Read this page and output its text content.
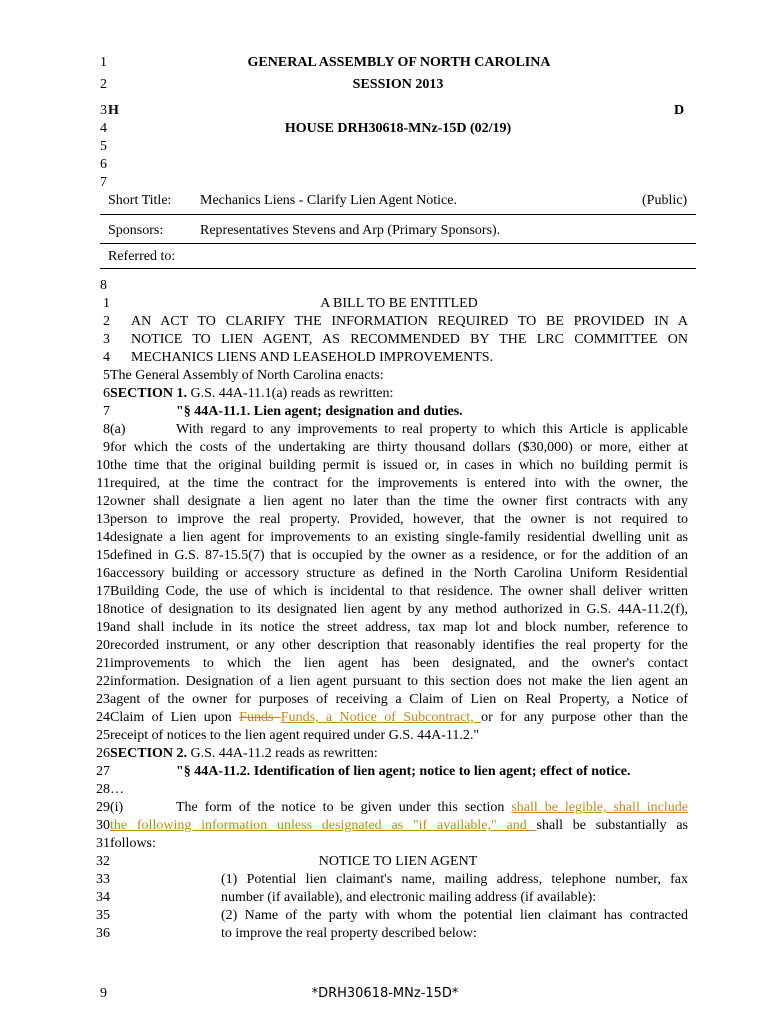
1	GENERAL ASSEMBLY OF NORTH CAROLINA
2	SESSION 2013
3 H	D
4	HOUSE DRH30618-MNz-15D (02/19)
5
6
7
Short Title: Mechanics Liens - Clarify Lien Agent Notice.	(Public)
Sponsors:	Representatives Stevens and Arp (Primary Sponsors).
Referred to:
8
1	A BILL TO BE ENTITLED
2 AN ACT TO CLARIFY THE INFORMATION REQUIRED TO BE PROVIDED IN A
3 NOTICE TO LIEN AGENT, AS RECOMMENDED BY THE LRC COMMITTEE ON
4 MECHANICS LIENS AND LEASEHOLD IMPROVEMENTS.
5 The General Assembly of North Carolina enacts:
6 SECTION 1. G.S. 44A-11.1(a) reads as rewritten:
7	"§ 44A-11.1. Lien agent; designation and duties.
8 (a)	With regard to any improvements to real property to which this Article is applicable
9 for which the costs of the undertaking are thirty thousand dollars ($30,000) or more, either at
10 the time that the original building permit is issued or, in cases in which no building permit is
11 required, at the time the contract for the improvements is entered into with the owner, the
12 owner shall designate a lien agent no later than the time the owner first contracts with any
13 person to improve the real property. Provided, however, that the owner is not required to
14 designate a lien agent for improvements to an existing single-family residential dwelling unit as
15 defined in G.S. 87-15.5(7) that is occupied by the owner as a residence, or for the addition of an
16 accessory building or accessory structure as defined in the North Carolina Uniform Residential
17 Building Code, the use of which is incidental to that residence. The owner shall deliver written
18 notice of designation to its designated lien agent by any method authorized in G.S. 44A-11.2(f),
19 and shall include in its notice the street address, tax map lot and block number, reference to
20 recorded instrument, or any other description that reasonably identifies the real property for the
21 improvements to which the lien agent has been designated, and the owner's contact
22 information. Designation of a lien agent pursuant to this section does not make the lien agent an
23 agent of the owner for purposes of receiving a Claim of Lien on Real Property, a Notice of
24 Claim of Lien upon Funds Funds, a Notice of Subcontract, or for any purpose other than the
25 receipt of notices to the lien agent required under G.S. 44A-11.2."
26 SECTION 2. G.S. 44A-11.2 reads as rewritten:
27	"§ 44A-11.2. Identification of lien agent; notice to lien agent; effect of notice.
28 …
29 (i)	The form of the notice to be given under this section shall be legible, shall include
30 the following information unless designated as "if available," and shall be substantially as
31 follows:
32	NOTICE TO LIEN AGENT
33	(1) Potential lien claimant's name, mailing address, telephone number, fax
34	number (if available), and electronic mailing address (if available):
35	(2) Name of the party with whom the potential lien claimant has contracted
36	to improve the real property described below:
9	*DRH30618-MNz-15D*
